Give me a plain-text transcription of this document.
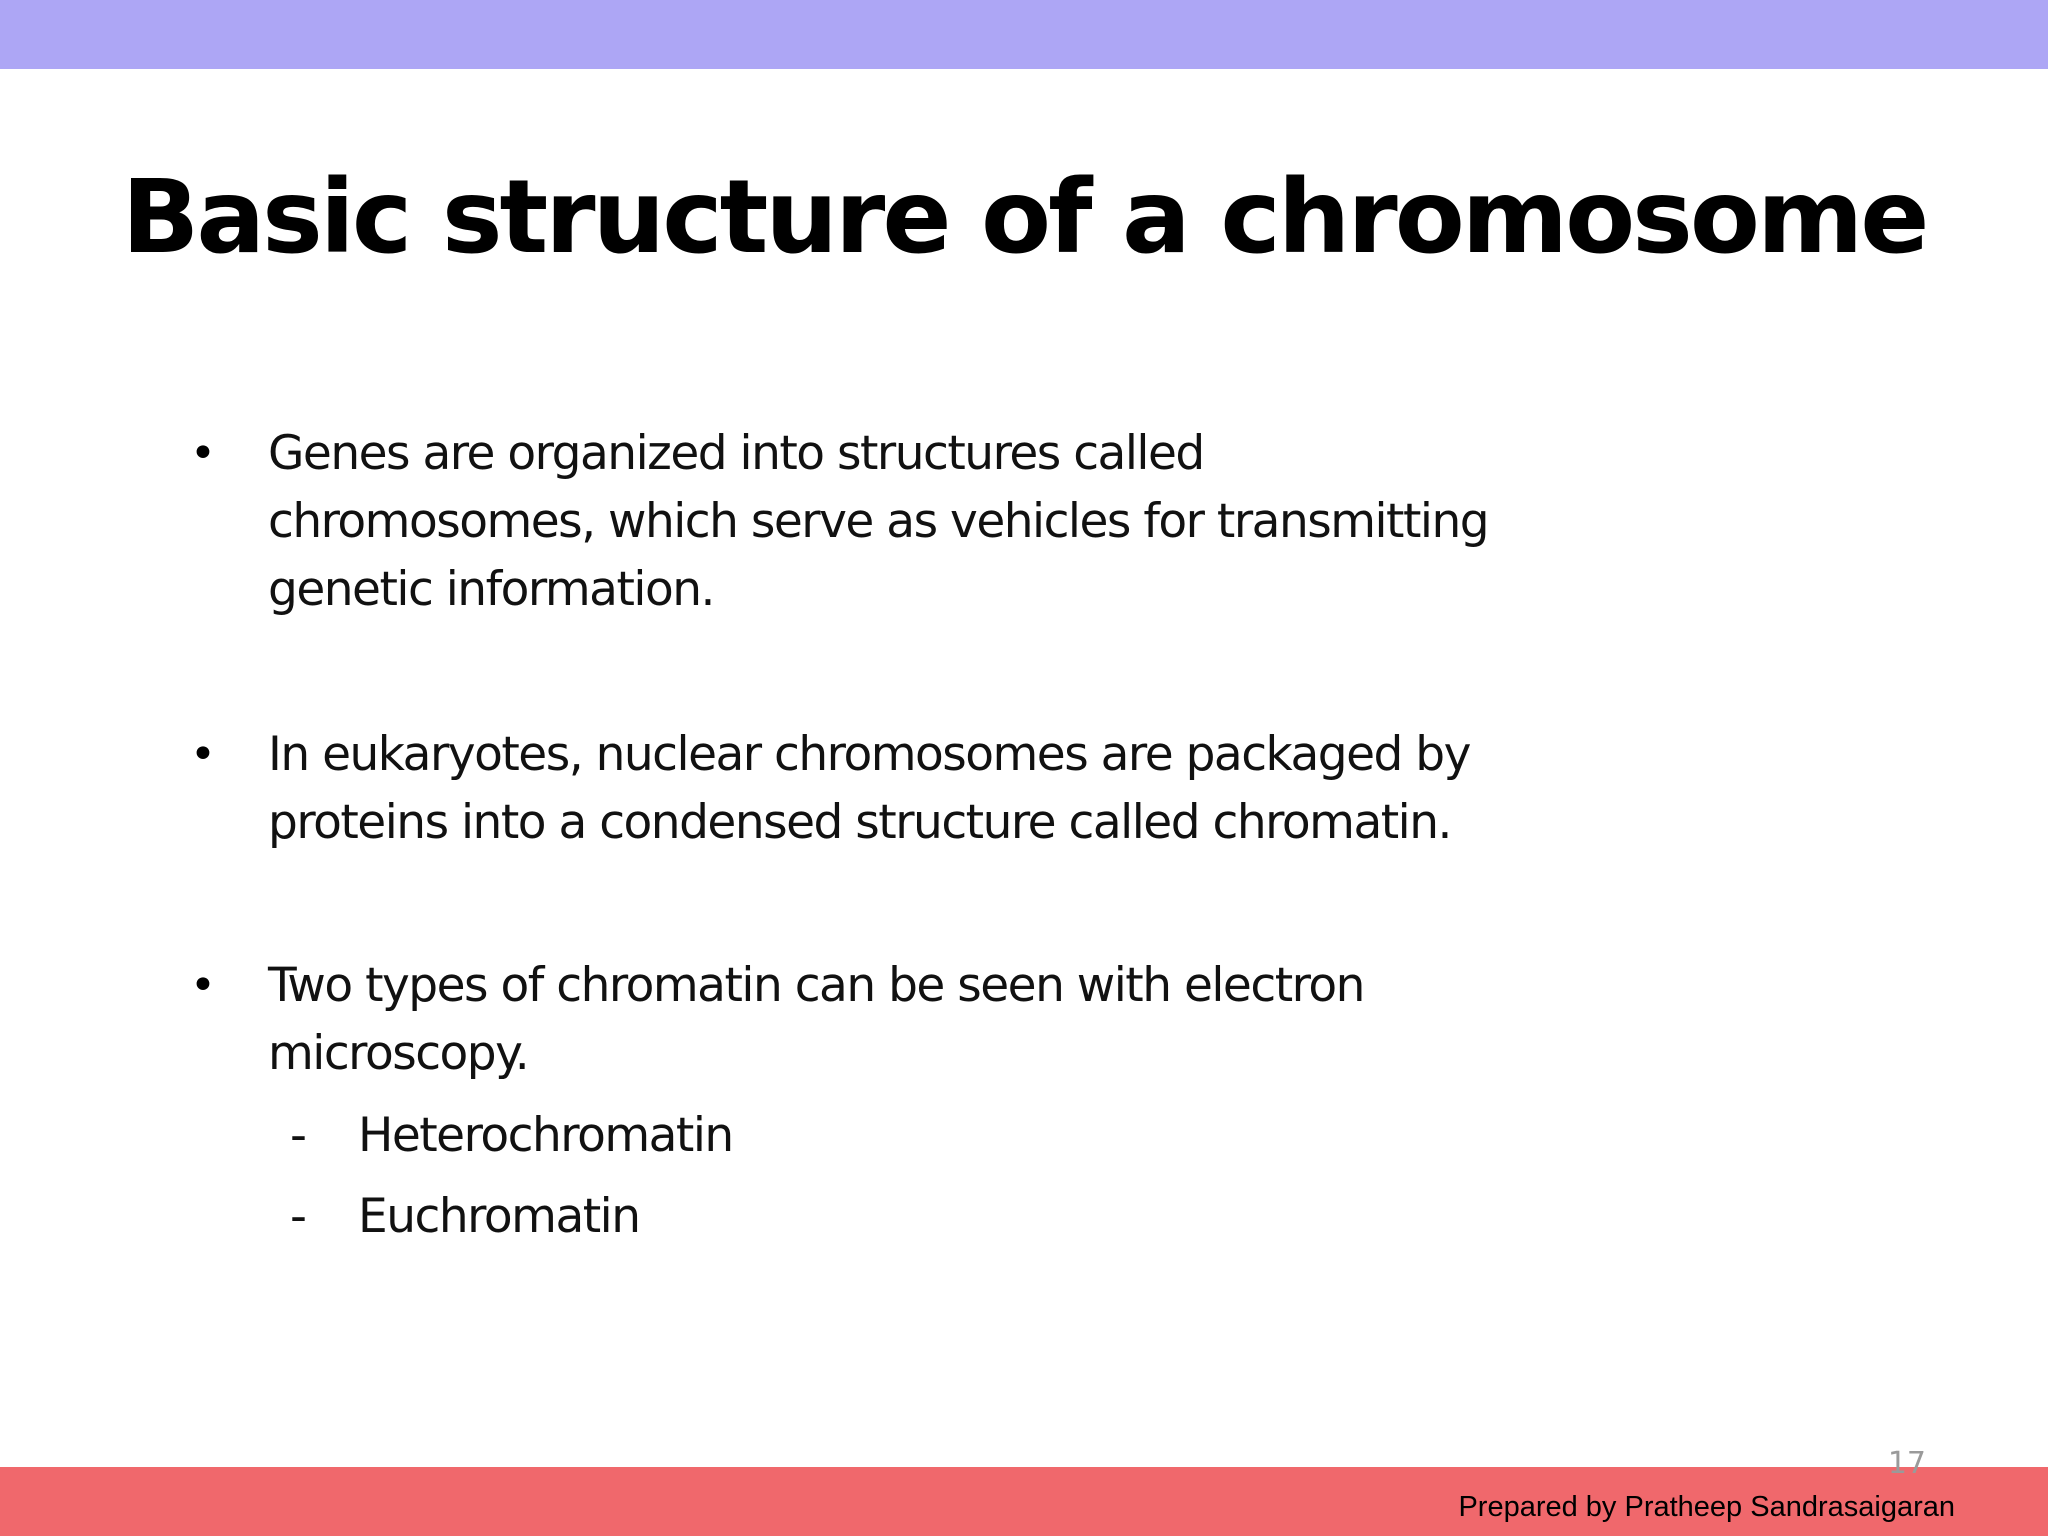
Basic structure of a chromosome
• Genes are organized into structures called
chromosomes, which serve as vehicles for transmitting
genetic information.
• In eukaryotes, nuclear chromosomes are packaged by
proteins into a condensed structure called chromatin.
• Two types of chromatin can be seen with electron
microscopy.
- Heterochromatin
- Euchromatin
17
Prepared by Pratheep Sandrasaigaran
